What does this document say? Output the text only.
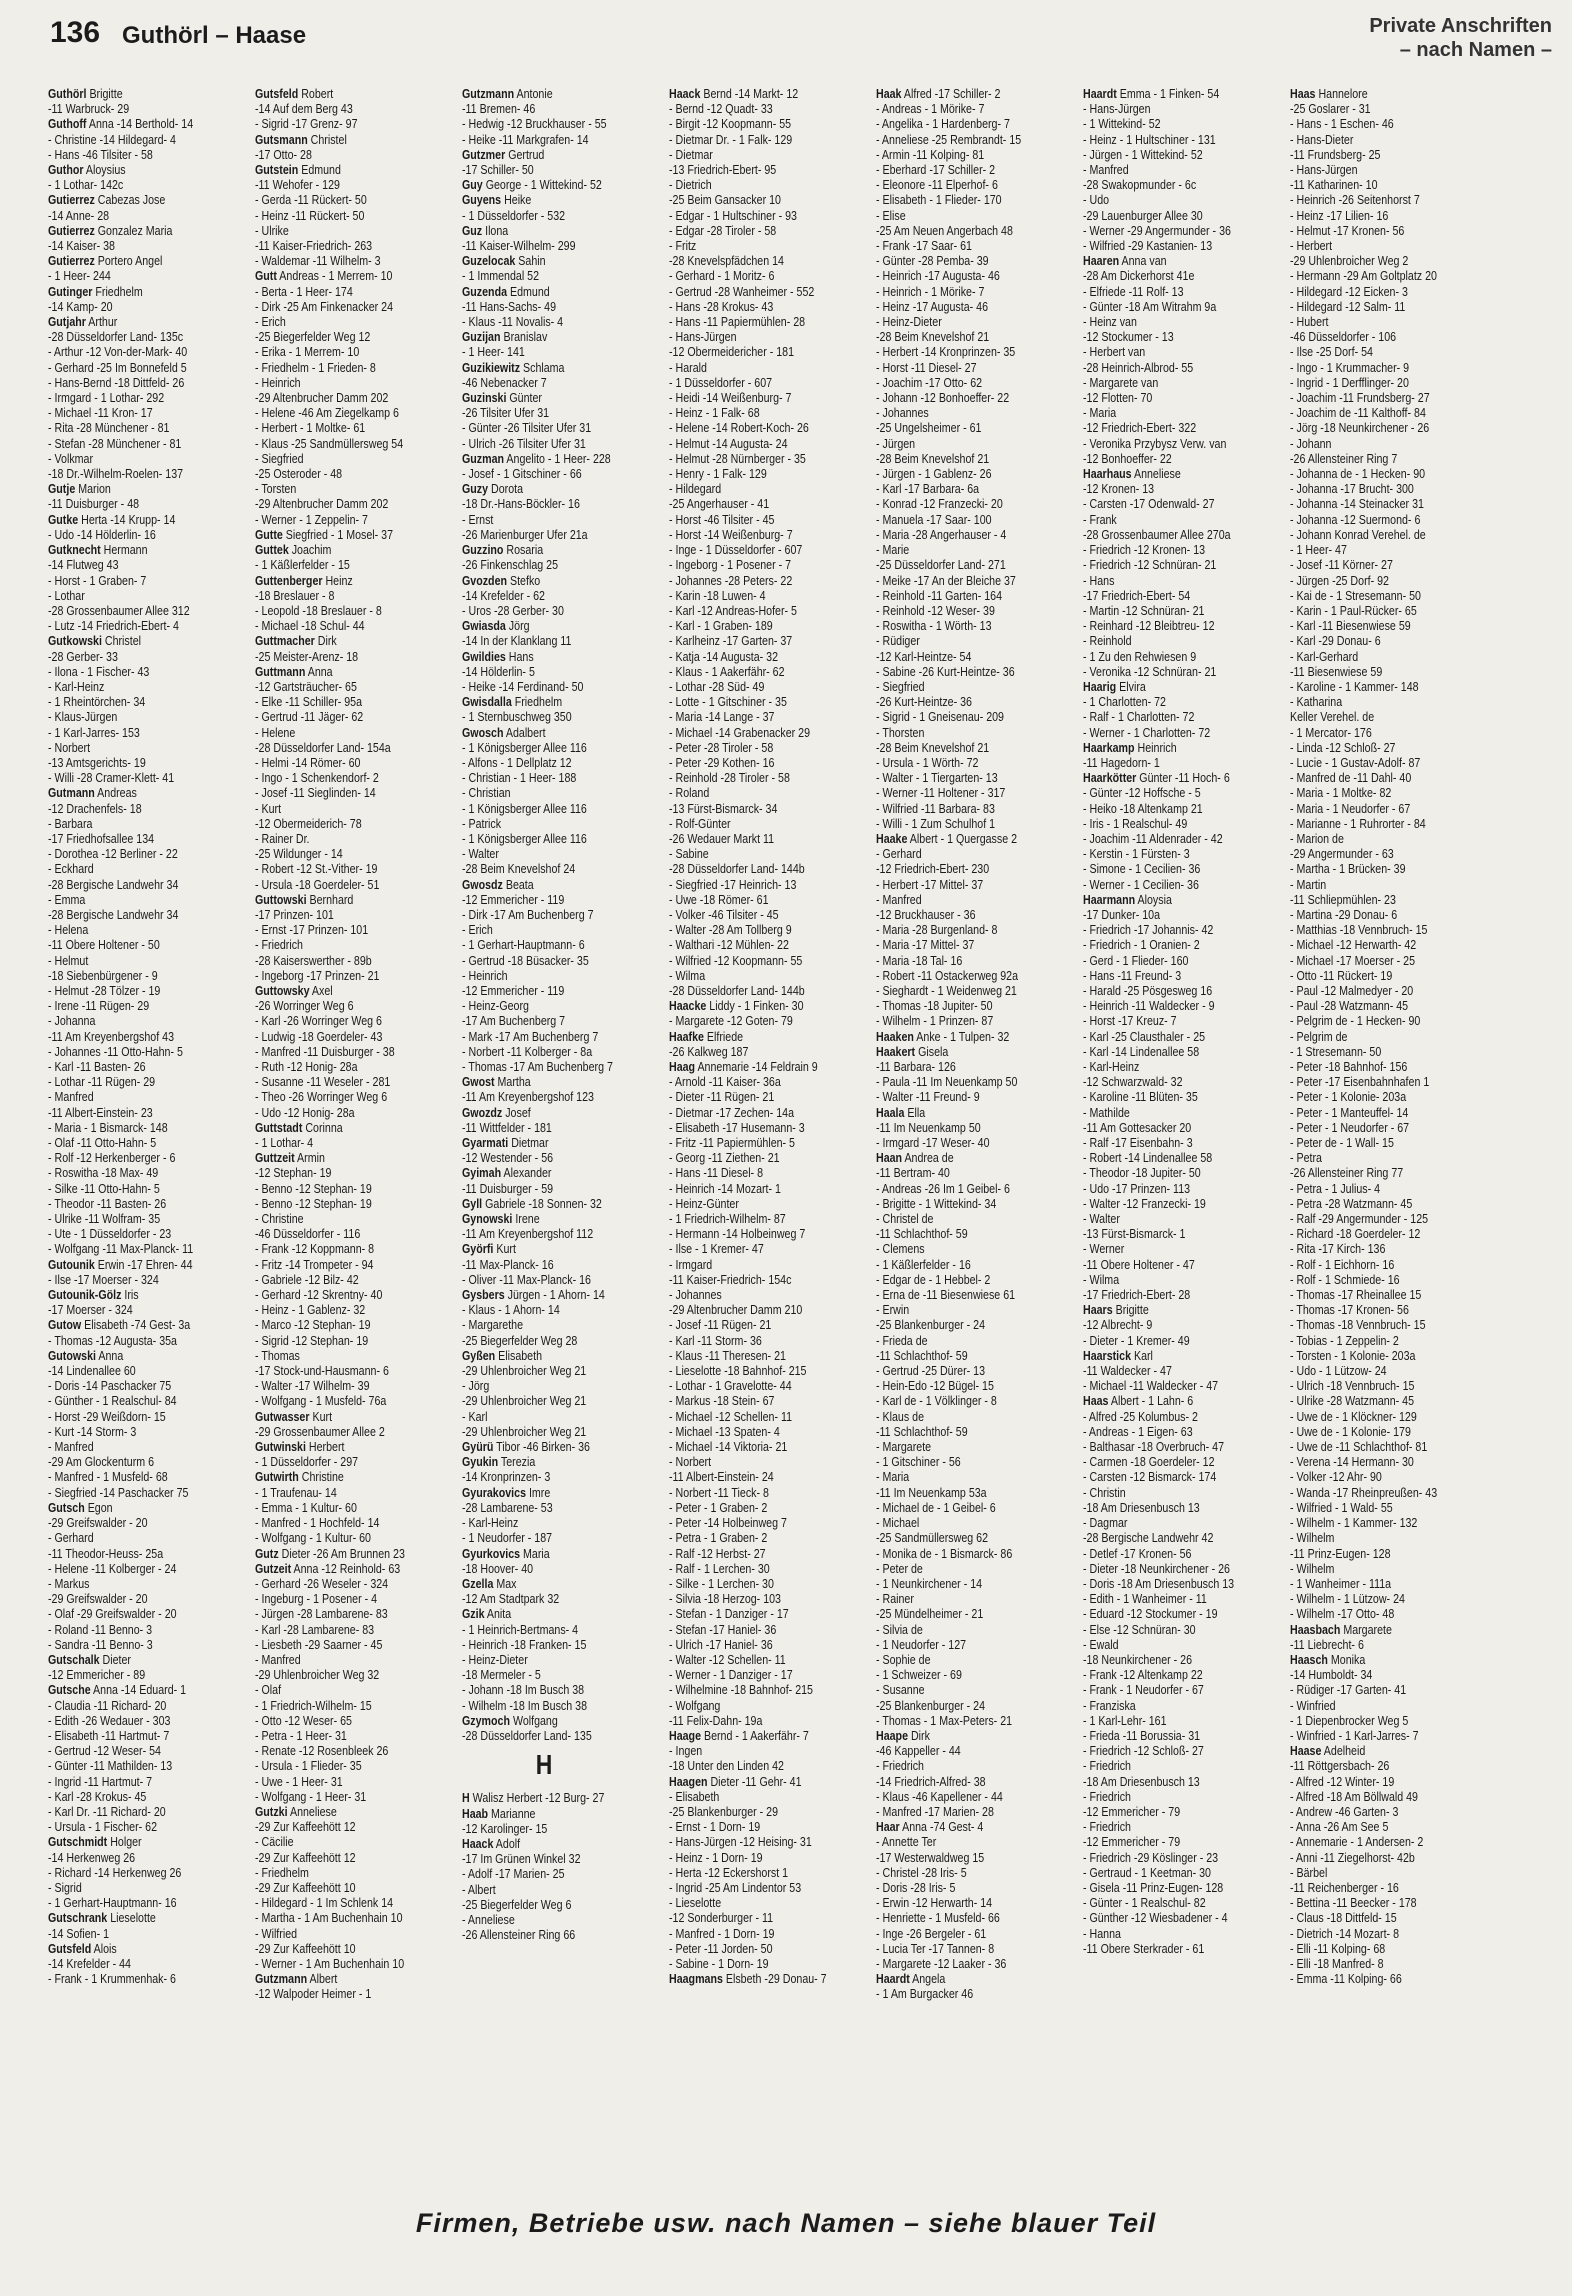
136 Guthörl – Haase	Private Anschriften
– nach Namen –
Guthörl Brigitte
-11 Warbruck- 29
Guthoff Anna -14 Berthold- 14
- Christine -14 Hildegard- 4
- Hans -46 Tilsiter - 58
Guthor Aloysius
- 1 Lothar- 142c
Gutierrez Cabezas Jose
-14 Anne- 28
Gutierrez Gonzalez Maria
-14 Kaiser- 38
Gutierrez Portero Angel
- 1 Heer- 244
Gutinger Friedhelm
-14 Kamp- 20
Gutjahr Arthur
-28 Düsseldorfer Land- 135c
- Arthur -12 Von-der-Mark- 40
- Gerhard -25 Im Bonnefeld 5
- Hans-Bernd -18 Dittfeld- 26
- Irmgard - 1 Lothar- 292
- Michael -11 Kron- 17
- Rita -28 Münchener - 81
- Stefan -28 Münchener - 81
- Volkmar
-18 Dr.-Wilhelm-Roelen- 137
Gutje Marion
-11 Duisburger - 48
Gutke Herta -14 Krupp- 14
- Udo -14 Hölderlin- 16
Gutknecht Hermann
-14 Flutweg 43
- Horst - 1 Graben- 7
- Lothar
-28 Grossenbaumer Allee 312
- Lutz -14 Friedrich-Ebert- 4
Gutkowski Christel
-28 Gerber- 33
- Ilona - 1 Fischer- 43
- Karl-Heinz
- 1 Rheintörchen- 34
- Klaus-Jürgen
- 1 Karl-Jarres- 153
- Norbert
-13 Amtsgerichts- 19
- Willi -28 Cramer-Klett- 41
Gutmann Andreas
-12 Drachenfels- 18
- Barbara
-17 Friedhofsallee 134
- Dorothea -12 Berliner - 22
- Eckhard
-28 Bergische Landwehr 34
- Emma
-28 Bergische Landwehr 34
- Helena
-11 Obere Holtener - 50
- Helmut
-18 Siebenbürgener - 9
- Helmut -28 Tölzer - 19
- Irene -11 Rügen- 29
- Johanna
-11 Am Kreyenbergshof 43
- Johannes -11 Otto-Hahn- 5
- Karl -11 Basten- 26
- Lothar -11 Rügen- 29
- Manfred
-11 Albert-Einstein- 23
- Maria - 1 Bismarck- 148
- Olaf -11 Otto-Hahn- 5
- Rolf -12 Herkenberger - 6
- Roswitha -18 Max- 49
- Silke -11 Otto-Hahn- 5
- Theodor -11 Basten- 26
- Ulrike -11 Wolfram- 35
- Ute - 1 Düsseldorfer - 23
- Wolfgang -11 Max-Planck- 11
Gutounik Erwin -17 Ehren- 44
- Ilse -17 Moerser - 324
Gutounik-Gölz Iris
-17 Moerser - 324
Gutow Elisabeth -74 Gest- 3a
- Thomas -12 Augusta- 35a
Gutowski Anna
-14 Lindenallee 60
- Doris -14 Paschacker 75
- Günther - 1 Realschul- 84
- Horst -29 Weißdorn- 15
- Kurt -14 Storm- 3
- Manfred
-29 Am Glockenturm 6
- Manfred - 1 Musfeld- 68
- Siegfried -14 Paschacker 75
Gutsch Egon
-29 Greifswalder - 20
- Gerhard
-11 Theodor-Heuss- 25a
- Helene -11 Kolberger - 24
- Markus
-29 Greifswalder - 20
- Olaf -29 Greifswalder - 20
- Roland -11 Benno- 3
- Sandra -11 Benno- 3
Gutschalk Dieter
-12 Emmericher - 89
Gutsche Anna -14 Eduard- 1
- Claudia -11 Richard- 20
- Edith -26 Wedauer - 303
- Elisabeth -11 Hartmut- 7
- Gertrud -12 Weser- 54
- Günter -11 Mathilden- 13
- Ingrid -11 Hartmut- 7
- Karl -28 Krokus- 45
- Karl Dr. -11 Richard- 20
- Ursula - 1 Fischer- 62
Gutschmidt Holger
-14 Herkenweg 26
- Richard -14 Herkenweg 26
- Sigrid
- 1 Gerhart-Hauptmann- 16
Gutschrank Lieselotte
-14 Sofien- 1
Gutsfeld Alois
-14 Krefelder - 44
- Frank - 1 Krummenhak- 6
Gutsfeld Robert
-14 Auf dem Berg 43
- Sigrid -17 Grenz- 97
Gutsmann Christel
-17 Otto- 28
Gutstein Edmund
-11 Wehofer - 129
- Gerda -11 Rückert- 50
- Heinz -11 Rückert- 50
- Ulrike
-11 Kaiser-Friedrich- 263
- Waldemar -11 Wilhelm- 3
Gutt Andreas - 1 Merrem- 10
- Berta - 1 Heer- 174
- Dirk -25 Am Finkenacker 24
- Erich
-25 Biegerfelder Weg 12
- Erika - 1 Merrem- 10
- Friedhelm - 1 Frieden- 8
- Heinrich
-29 Altenbrucher Damm 202
- Helene -46 Am Ziegelkamp 6
- Herbert - 1 Moltke- 61
- Klaus -25 Sandmüllersweg 54
- Siegfried
-25 Osteroder - 48
- Torsten
-29 Altenbrucher Damm 202
- Werner - 1 Zeppelin- 7
Gutte Siegfried - 1 Mosel- 37
Guttek Joachim
- 1 Käßlerfelder - 15
Guttenberger Heinz
-18 Breslauer - 8
- Leopold -18 Breslauer - 8
- Michael -18 Schul- 44
Guttmacher Dirk
-25 Meister-Arenz- 18
Guttmann Anna
-12 Gartsträucher- 65
- Elke -11 Schiller- 95a
- Gertrud -11 Jäger- 62
- Helene
-28 Düsseldorfer Land- 154a
- Helmi -14 Römer- 60
- Ingo - 1 Schenkendorf- 2
- Josef -11 Sieglinden- 14
- Kurt
-12 Obermeiderich- 78
- Rainer Dr.
-25 Wildunger - 14
- Robert -12 St.-Vither- 19
- Ursula -18 Goerdeler- 51
Guttowski Bernhard
-17 Prinzen- 101
- Ernst -17 Prinzen- 101
- Friedrich
-28 Kaiserswerther - 89b
- Ingeborg -17 Prinzen- 21
Guttowsky Axel
-26 Worringer Weg 6
- Karl -26 Worringer Weg 6
- Ludwig -18 Goerdeler- 43
- Manfred -11 Duisburger - 38
- Ruth -12 Honig- 28a
- Susanne -11 Weseler - 281
- Theo -26 Worringer Weg 6
- Udo -12 Honig- 28a
Guttstadt Corinna
- 1 Lothar- 4
Guttzeit Armin
-12 Stephan- 19
- Benno -12 Stephan- 19
- Benno -12 Stephan- 19
- Christine
-46 Düsseldorfer - 116
- Frank -12 Koppmann- 8
- Fritz -14 Trompeter - 94
- Gabriele -12 Bilz- 42
- Gerhard -12 Skrentny- 40
- Heinz - 1 Gablenz- 32
- Marco -12 Stephan- 19
- Sigrid -12 Stephan- 19
- Thomas
-17 Stock-und-Hausmann- 6
- Walter -17 Wilhelm- 39
- Wolfgang - 1 Musfeld- 76a
Gutwasser Kurt
-29 Grossenbaumer Allee 2
Gutwinski Herbert
- 1 Düsseldorfer - 297
Gutwirth Christine
- 1 Traufenau- 14
- Emma - 1 Kultur- 60
- Manfred - 1 Hochfeld- 14
- Wolfgang - 1 Kultur- 60
Gutz Dieter -26 Am Brunnen 23
Gutzeit Anna -12 Reinhold- 63
- Gerhard -26 Weseler - 324
- Ingeburg - 1 Posener - 4
- Jürgen -28 Lambarene- 83
- Karl -28 Lambarene- 83
- Liesbeth -29 Saarner - 45
- Manfred
-29 Uhlenbroicher Weg 32
- Olaf
- 1 Friedrich-Wilhelm- 15
- Otto -12 Weser- 65
- Petra - 1 Heer- 31
- Renate -12 Rosenbleek 26
- Ursula - 1 Flieder- 35
- Uwe - 1 Heer- 31
- Wolfgang - 1 Heer- 31
Gutzki Anneliese
-29 Zur Kaffeehött 12
- Cäcilie
-29 Zur Kaffeehött 12
- Friedhelm
-29 Zur Kaffeehött 10
- Hildegard - 1 Im Schlenk 14
- Martha - 1 Am Buchenhain 10
- Wilfried
-29 Zur Kaffeehött 10
- Werner - 1 Am Buchenhain 10
Gutzmann Albert
-12 Walpoder Heimer - 1
Gutzmann Antonie
-11 Bremen- 46
- Hedwig -12 Bruckhauser - 55
- Heike -11 Markgrafen- 14
Gutzmer Gertrud
-17 Schiller- 50
Guy George - 1 Wittekind- 52
Guyens Heike
- 1 Düsseldorfer - 532
Guz Ilona
-11 Kaiser-Wilhelm- 299
Guzelocak Sahin
- 1 Immendal 52
Guzenda Edmund
-11 Hans-Sachs- 49
- Klaus -11 Novalis- 4
Guzijan Branislav
- 1 Heer- 141
Guzikiewitz Schlama
-46 Nebenacker 7
Guzinski Günter
-26 Tilsiter Ufer 31
- Günter -26 Tilsiter Ufer 31
- Ulrich -26 Tilsiter Ufer 31
Guzman Angelito - 1 Heer- 228
- Josef - 1 Gitschiner - 66
Guzy Dorota
-18 Dr.-Hans-Böckler- 16
- Ernst
-26 Marienburger Ufer 21a
Guzzino Rosaria
-26 Finkenschlag 25
Gvozden Stefko
-14 Krefelder - 62
- Uros -28 Gerber- 30
Gwiasda Jörg
-14 In der Klanklang 11
Gwildies Hans
-14 Hölderlin- 5
- Heike -14 Ferdinand- 50
Gwisdalla Friedhelm
- 1 Sternbuschweg 350
Gwosch Adalbert
- 1 Königsberger Allee 116
- Alfons - 1 Dellplatz 12
- Christian - 1 Heer- 188
- Christian
- 1 Königsberger Allee 116
- Patrick
- 1 Königsberger Allee 116
- Walter
-28 Beim Knevelshof 24
Gwosdz Beata
-12 Emmericher - 119
- Dirk -17 Am Buchenberg 7
- Erich
- 1 Gerhart-Hauptmann- 6
- Gertrud -18 Büsacker- 35
- Heinrich
-12 Emmericher - 119
- Heinz-Georg
-17 Am Buchenberg 7
- Mark -17 Am Buchenberg 7
- Norbert -11 Kolberger - 8a
- Thomas -17 Am Buchenberg 7
Gwost Martha
-11 Am Kreyenbergshof 123
Gwozdz Josef
-11 Wittfelder - 181
Gyarmati Dietmar
-12 Westender - 56
Gyimah Alexander
-11 Duisburger - 59
Gyll Gabriele -18 Sonnen- 32
Gynowski Irene
-11 Am Kreyenbergshof 112
Györfi Kurt
-11 Max-Planck- 16
- Oliver -11 Max-Planck- 16
Gysbers Jürgen - 1 Ahorn- 14
- Klaus - 1 Ahorn- 14
- Margarethe
-25 Biegerfelder Weg 28
Gyßen Elisabeth
-29 Uhlenbroicher Weg 21
- Jörg
-29 Uhlenbroicher Weg 21
- Karl
-29 Uhlenbroicher Weg 21
Gyürü Tibor -46 Birken- 36
Gyukin Terezia
-14 Kronprinzen- 3
Gyurakovics Imre
-28 Lambarene- 53
- Karl-Heinz
- 1 Neudorfer - 187
Gyurkovics Maria
-18 Hoover- 40
Gzella Max
-12 Am Stadtpark 32
Gzik Anita
- 1 Heinrich-Bertmans- 4
- Heinrich -18 Franken- 15
- Heinz-Dieter
-18 Mermeler - 5
- Johann -18 Im Busch 38
- Wilhelm -18 Im Busch 38
Gzymoch Wolfgang
-28 Düsseldorfer Land- 135
H
H Walisz Herbert -12 Burg- 27
Haab Marianne
-12 Karolinger- 15
Haack Adolf
-17 Im Grünen Winkel 32
- Adolf -17 Marien- 25
- Albert
-25 Biegerfelder Weg 6
- Anneliese
-26 Allensteiner Ring 66
Haack Bernd -14 Markt- 12
- Bernd -12 Quadt- 33
- Birgit -12 Koopmann- 55
- Dietmar Dr. - 1 Falk- 129
- Dietmar
-13 Friedrich-Ebert- 95
- Dietrich
-25 Beim Gansacker 10
- Edgar - 1 Hultschiner - 93
- Edgar -28 Tiroler - 58
- Fritz
-28 Knevelspfädchen 14
- Gerhard - 1 Moritz- 6
- Gertrud -28 Wanheimer - 552
- Hans -28 Krokus- 43
- Hans -11 Papiermühlen- 28
- Hans-Jürgen
-12 Obermeidericher - 181
- Harald
- 1 Düsseldorfer - 607
- Heidi -14 Weißenburg- 7
- Heinz - 1 Falk- 68
- Helene -14 Robert-Koch- 26
- Helmut -14 Augusta- 24
- Helmut -28 Nürnberger - 35
- Henry - 1 Falk- 129
- Hildegard
-25 Angerhauser - 41
- Horst -46 Tilsiter - 45
- Horst -14 Weißenburg- 7
- Inge - 1 Düsseldorfer - 607
- Ingeborg - 1 Posener - 7
- Johannes -28 Peters- 22
- Karin -18 Luwen- 4
- Karl -12 Andreas-Hofer- 5
- Karl - 1 Graben- 189
- Karlheinz -17 Garten- 37
- Katja -14 Augusta- 32
- Klaus - 1 Aakerfähr- 62
- Lothar -28 Süd- 49
- Lotte - 1 Gitschiner - 35
- Maria -14 Lange - 37
- Michael -14 Grabenacker 29
- Peter -28 Tiroler - 58
- Peter -29 Kothen- 16
- Reinhold -28 Tiroler - 58
- Roland
-13 Fürst-Bismarck- 34
- Rolf-Günter
-26 Wedauer Markt 11
- Sabine
-28 Düsseldorfer Land- 144b
- Siegfried -17 Heinrich- 13
- Uwe -18 Römer- 61
- Volker -46 Tilsiter - 45
- Walter -28 Am Tollberg 9
- Walthari -12 Mühlen- 22
- Wilfried -12 Koopmann- 55
- Wilma
-28 Düsseldorfer Land- 144b
Haacke Liddy - 1 Finken- 30
- Margarete -12 Goten- 79
Haafke Elfriede
-26 Kalkweg 187
Haag Annemarie -14 Feldrain 9
- Arnold -11 Kaiser- 36a
- Dieter -11 Rügen- 21
- Dietmar -17 Zechen- 14a
- Elisabeth -17 Husemann- 3
- Fritz -11 Papiermühlen- 5
- Georg -11 Ziethen- 21
- Hans -11 Diesel- 8
- Heinrich -14 Mozart- 1
- Heinz-Günter
- 1 Friedrich-Wilhelm- 87
- Hermann -14 Holbeinweg 7
- Ilse - 1 Kremer- 47
- Irmgard
-11 Kaiser-Friedrich- 154c
- Johannes
-29 Altenbrucher Damm 210
- Josef -11 Rügen- 21
- Karl -11 Storm- 36
- Klaus -11 Theresen- 21
- Lieselotte -18 Bahnhof- 215
- Lothar - 1 Gravelotte- 44
- Markus -18 Stein- 67
- Michael -12 Schellen- 11
- Michael -13 Spaten- 4
- Michael -14 Viktoria- 21
- Norbert
-11 Albert-Einstein- 24
- Norbert -11 Tieck- 8
- Peter - 1 Graben- 2
- Peter -14 Holbeinweg 7
- Petra - 1 Graben- 2
- Ralf -12 Herbst- 27
- Ralf - 1 Lerchen- 30
- Silke - 1 Lerchen- 30
- Silvia -18 Herzog- 103
- Stefan - 1 Danziger - 17
- Stefan -17 Haniel- 36
- Ulrich -17 Haniel- 36
- Walter -12 Schellen- 11
- Werner - 1 Danziger - 17
- Wilhelmine -18 Bahnhof- 215
- Wolfgang
-11 Felix-Dahn- 19a
Haage Bernd - 1 Aakerfähr- 7
- Ingen
-18 Unter den Linden 42
Haagen Dieter -11 Gehr- 41
- Elisabeth
-25 Blankenburger - 29
- Ernst - 1 Dorn- 19
- Hans-Jürgen -12 Heising- 31
- Heinz - 1 Dorn- 19
- Herta -12 Eckershorst 1
- Ingrid -25 Am Lindentor 53
- Lieselotte
-12 Sonderburger - 11
- Manfred - 1 Dorn- 19
- Peter -11 Jorden- 50
- Sabine - 1 Dorn- 19
Haagmans Elsbeth -29 Donau- 7
Haak Alfred -17 Schiller- 2
- Andreas - 1 Mörike- 7
- Angelika - 1 Hardenberg- 7
- Anneliese -25 Rembrandt- 15
- Armin -11 Kolping- 81
- Eberhard -17 Schiller- 2
- Eleonore -11 Elperhof- 6
- Elisabeth - 1 Flieder- 170
- Elise
-25 Am Neuen Angerbach 48
- Frank -17 Saar- 61
- Günter -28 Pemba- 39
- Heinrich -17 Augusta- 46
- Heinrich - 1 Mörike- 7
- Heinz -17 Augusta- 46
- Heinz-Dieter
-28 Beim Knevelshof 21
- Herbert -14 Kronprinzen- 35
- Horst -11 Diesel- 27
- Joachim -17 Otto- 62
- Johann -12 Bonhoeffer- 22
- Johannes
-25 Ungelsheimer - 61
- Jürgen
-28 Beim Knevelshof 21
- Jürgen - 1 Gablenz- 26
- Karl -17 Barbara- 6a
- Konrad -12 Franzecki- 20
- Manuela -17 Saar- 100
- Maria -28 Angerhauser - 4
- Marie
-25 Düsseldorfer Land- 271
- Meike -17 An der Bleiche 37
- Reinhold -11 Garten- 164
- Reinhold -12 Weser- 39
- Roswitha - 1 Wörth- 13
- Rüdiger
-12 Karl-Heintze- 54
- Sabine -26 Kurt-Heintze- 36
- Siegfried
-26 Kurt-Heintze- 36
- Sigrid - 1 Gneisenau- 209
- Thorsten
-28 Beim Knevelshof 21
- Ursula - 1 Wörth- 72
- Walter - 1 Tiergarten- 13
- Werner -11 Holtener - 317
- Wilfried -11 Barbara- 83
- Willi - 1 Zum Schulhof 1
Haake Albert - 1 Quergasse 2
- Gerhard
-12 Friedrich-Ebert- 230
- Herbert -17 Mittel- 37
- Manfred
-12 Bruckhauser - 36
- Maria -28 Burgenland- 8
- Maria -17 Mittel- 37
- Maria -18 Tal- 16
- Robert -11 Ostackerweg 92a
- Sieghardt - 1 Weidenweg 21
- Thomas -18 Jupiter- 50
- Wilhelm - 1 Prinzen- 87
Haaken Anke - 1 Tulpen- 32
Haakert Gisela
-11 Barbara- 126
- Paula -11 Im Neuenkamp 50
- Walter -11 Freund- 9
Haala Ella
-11 Im Neuenkamp 50
- Irmgard -17 Weser- 40
Haan Andrea de
-11 Bertram- 40
- Andreas -26 Im 1 Geibel- 6
- Brigitte - 1 Wittekind- 34
- Christel de
-11 Schlachthof- 59
- Clemens
- 1 Käßlerfelder - 16
- Edgar de - 1 Hebbel- 2
- Erna de -11 Biesenwiese 61
- Erwin
-25 Blankenburger - 24
- Frieda de
-11 Schlachthof- 59
- Gertrud -25 Dürer- 13
- Hein-Edo -12 Bügel- 15
- Karl de - 1 Völklinger - 8
- Klaus de
-11 Schlachthof- 59
- Margarete
- 1 Gitschiner - 56
- Maria
-11 Im Neuenkamp 53a
- Michael de - 1 Geibel- 6
- Michael
-25 Sandmüllersweg 62
- Monika de - 1 Bismarck- 86
- Peter de
- 1 Neunkirchener - 14
- Rainer
-25 Mündelheimer - 21
- Silvia de
- 1 Neudorfer - 127
- Sophie de
- 1 Schweizer - 69
- Susanne
-25 Blankenburger - 24
- Thomas - 1 Max-Peters- 21
Haape Dirk
-46 Kappeller - 44
- Friedrich
-14 Friedrich-Alfred- 38
- Klaus -46 Kapellener - 44
- Manfred -17 Marien- 28
Haar Anna -74 Gest- 4
- Annette Ter
-17 Westerwaldweg 15
- Christel -28 Iris- 5
- Doris -28 Iris- 5
- Erwin -12 Herwarth- 14
- Henriette - 1 Musfeld- 66
- Inge -26 Bergeler - 61
- Lucia Ter -17 Tannen- 8
- Margarete -12 Laaker - 36
Haardt Angela
- 1 Am Burgacker 46
Haardt Emma - 1 Finken- 54
- Hans-Jürgen
- 1 Wittekind- 52
- Heinz - 1 Hultschiner - 131
- Jürgen - 1 Wittekind- 52
- Manfred
-28 Swakopmunder - 6c
- Udo
-29 Lauenburger Allee 30
- Werner -29 Angermunder - 36
- Wilfried -29 Kastanien- 13
Haaren Anna van
-28 Am Dickerhorst 41e
- Elfriede -11 Rolf- 13
- Günter -18 Am Witrahm 9a
- Heinz van
-12 Stockumer - 13
- Herbert van
-28 Heinrich-Albrod- 55
- Margarete van
-12 Flotten- 70
- Maria
-12 Friedrich-Ebert- 322
- Veronika Przybysz Verw. van
-12 Bonhoeffer- 22
Haarhaus Anneliese
-12 Kronen- 13
- Carsten -17 Odenwald- 27
- Frank
-28 Grossenbaumer Allee 270a
- Friedrich -12 Kronen- 13
- Friedrich -12 Schnüran- 21
- Hans
-17 Friedrich-Ebert- 54
- Martin -12 Schnüran- 21
- Reinhard -12 Bleibtreu- 12
- Reinhold
- 1 Zu den Rehwiesen 9
- Veronika -12 Schnüran- 21
Haarig Elvira
- 1 Charlotten- 72
- Ralf - 1 Charlotten- 72
- Werner - 1 Charlotten- 72
Haarkamp Heinrich
-11 Hagedorn- 1
Haarkötter Günter -11 Hoch- 6
- Günter -12 Hoffsche - 5
- Heiko -18 Altenkamp 21
- Iris - 1 Realschul- 49
- Joachim -11 Aldenrader - 42
- Kerstin - 1 Fürsten- 3
- Simone - 1 Cecilien- 36
- Werner - 1 Cecilien- 36
Haarmann Aloysia
-17 Dunker- 10a
- Friedrich -17 Johannis- 42
- Friedrich - 1 Oranien- 2
- Gerd - 1 Flieder- 160
- Hans -11 Freund- 3
- Harald -25 Pösgesweg 16
- Heinrich -11 Waldecker - 9
- Horst -17 Kreuz- 7
- Karl -25 Clausthaler - 25
- Karl -14 Lindenallee 58
- Karl-Heinz
-12 Schwarzwald- 32
- Karoline -11 Blüten- 35
- Mathilde
-11 Am Gottesacker 20
- Ralf -17 Eisenbahn- 3
- Robert -14 Lindenallee 58
- Theodor -18 Jupiter- 50
- Udo -17 Prinzen- 113
- Walter -12 Franzecki- 19
- Walter
-13 Fürst-Bismarck- 1
- Werner
-11 Obere Holtener - 47
- Wilma
-17 Friedrich-Ebert- 28
Haars Brigitte
-12 Albrecht- 9
- Dieter - 1 Kremer- 49
Haarstick Karl
-11 Waldecker - 47
- Michael -11 Waldecker - 47
Haas Albert - 1 Lahn- 6
- Alfred -25 Kolumbus- 2
- Andreas - 1 Eigen- 63
- Balthasar -18 Overbruch- 47
- Carmen -18 Goerdeler- 12
- Carsten -12 Bismarck- 174
- Christin
-18 Am Driesenbusch 13
- Dagmar
-28 Bergische Landwehr 42
- Detlef -17 Kronen- 56
- Dieter -18 Neunkirchener - 26
- Doris -18 Am Driesenbusch 13
- Edith - 1 Wanheimer - 11
- Eduard -12 Stockumer - 19
- Else -12 Schnüran- 30
- Ewald
-18 Neunkirchener - 26
- Frank -12 Altenkamp 22
- Frank - 1 Neudorfer - 67
- Franziska
- 1 Karl-Lehr- 161
- Frieda -11 Borussia- 31
- Friedrich -12 Schloß- 27
- Friedrich
-18 Am Driesenbusch 13
- Friedrich
-12 Emmericher - 79
- Friedrich
-12 Emmericher - 79
- Friedrich -29 Köslinger - 23
- Gertraud - 1 Keetman- 30
- Gisela -11 Prinz-Eugen- 128
- Günter - 1 Realschul- 82
- Günther -12 Wiesbadener - 4
- Hanna
-11 Obere Sterkrader - 61
Haas Hannelore
-25 Goslarer - 31
- Hans - 1 Eschen- 46
- Hans-Dieter
-11 Frundsberg- 25
- Hans-Jürgen
-11 Katharinen- 10
- Heinrich -26 Seitenhorst 7
- Heinz -17 Lilien- 16
- Helmut -17 Kronen- 56
- Herbert
-29 Uhlenbroicher Weg 2
- Hermann -29 Am Goltplatz 20
- Hildegard -12 Eicken- 3
- Hildegard -12 Salm- 11
- Hubert
-46 Düsseldorfer - 106
- Ilse -25 Dorf- 54
- Ingo - 1 Krummacher- 9
- Ingrid - 1 Derfflinger- 20
- Joachim -11 Frundsberg- 27
- Joachim de -11 Kalthoff- 84
- Jörg -18 Neunkirchener - 26
- Johann
-26 Allensteiner Ring 7
- Johanna de - 1 Hecken- 90
- Johanna -17 Brucht- 300
- Johanna -14 Steinacker 31
- Johanna -12 Suermond- 6
- Johann Konrad Verehel. de
- 1 Heer- 47
- Josef -11 Körner- 27
- Jürgen -25 Dorf- 92
- Kai de - 1 Stresemann- 50
- Karin - 1 Paul-Rücker- 65
- Karl -11 Biesenwiese 59
- Karl -29 Donau- 6
- Karl-Gerhard
-11 Biesenwiese 59
- Karoline - 1 Kammer- 148
- Katharina
Keller Verehel. de
- 1 Mercator- 176
- Linda -12 Schloß- 27
- Lucie - 1 Gustav-Adolf- 87
- Manfred de -11 Dahl- 40
- Maria - 1 Moltke- 82
- Maria - 1 Neudorfer - 67
- Marianne - 1 Ruhrorter - 84
- Marion de
-29 Angermunder - 63
- Martha - 1 Brücken- 39
- Martin
-11 Schliepmühlen- 23
- Martina -29 Donau- 6
- Matthias -18 Vennbruch- 15
- Michael -12 Herwarth- 42
- Michael -17 Moerser - 25
- Otto -11 Rückert- 19
- Paul -12 Malmedyer - 20
- Paul -28 Watzmann- 45
- Pelgrim de - 1 Hecken- 90
- Pelgrim de
- 1 Stresemann- 50
- Peter -18 Bahnhof- 156
- Peter -17 Eisenbahnhafen 1
- Peter - 1 Kolonie- 203a
- Peter - 1 Manteuffel- 14
- Peter - 1 Neudorfer - 67
- Peter de - 1 Wall- 15
- Petra
-26 Allensteiner Ring 77
- Petra - 1 Julius- 4
- Petra -28 Watzmann- 45
- Ralf -29 Angermunder - 125
- Richard -18 Goerdeler- 12
- Rita -17 Kirch- 136
- Rolf - 1 Eichhorn- 16
- Rolf - 1 Schmiede- 16
- Thomas -17 Rheinallee 15
- Thomas -17 Kronen- 56
- Thomas -18 Vennbruch- 15
- Tobias - 1 Zeppelin- 2
- Torsten - 1 Kolonie- 203a
- Udo - 1 Lützow- 24
- Ulrich -18 Vennbruch- 15
- Ulrike -28 Watzmann- 45
- Uwe de - 1 Klöckner- 129
- Uwe de - 1 Kolonie- 179
- Uwe de -11 Schlachthof- 81
- Verena -14 Hermann- 30
- Volker -12 Ahr- 90
- Wanda -17 Rheinpreußen- 43
- Wilfried - 1 Wald- 55
- Wilhelm - 1 Kammer- 132
- Wilhelm
-11 Prinz-Eugen- 128
- Wilhelm
- 1 Wanheimer - 111a
- Wilhelm - 1 Lützow- 24
- Wilhelm -17 Otto- 48
Haasbach Margarete
-11 Liebrecht- 6
Haasch Monika
-14 Humboldt- 34
- Rüdiger -17 Garten- 41
- Winfried
- 1 Diepenbrocker Weg 5
- Winfried - 1 Karl-Jarres- 7
Haase Adelheid
-11 Röttgersbach- 26
- Alfred -12 Winter- 19
- Alfred -18 Am Böllwald 49
- Andrew -46 Garten- 3
- Anna -26 Am See 5
- Annemarie - 1 Andersen- 2
- Anni -11 Ziegelhorst- 42b
- Bärbel
-11 Reichenberger - 16
- Bettina -11 Beecker - 178
- Claus -18 Dittfeld- 15
- Dietrich -14 Mozart- 8
- Elli -11 Kolping- 68
- Elli -18 Manfred- 8
- Emma -11 Kolping- 66
Firmen, Betriebe usw. nach Namen – siehe blauer Teil
